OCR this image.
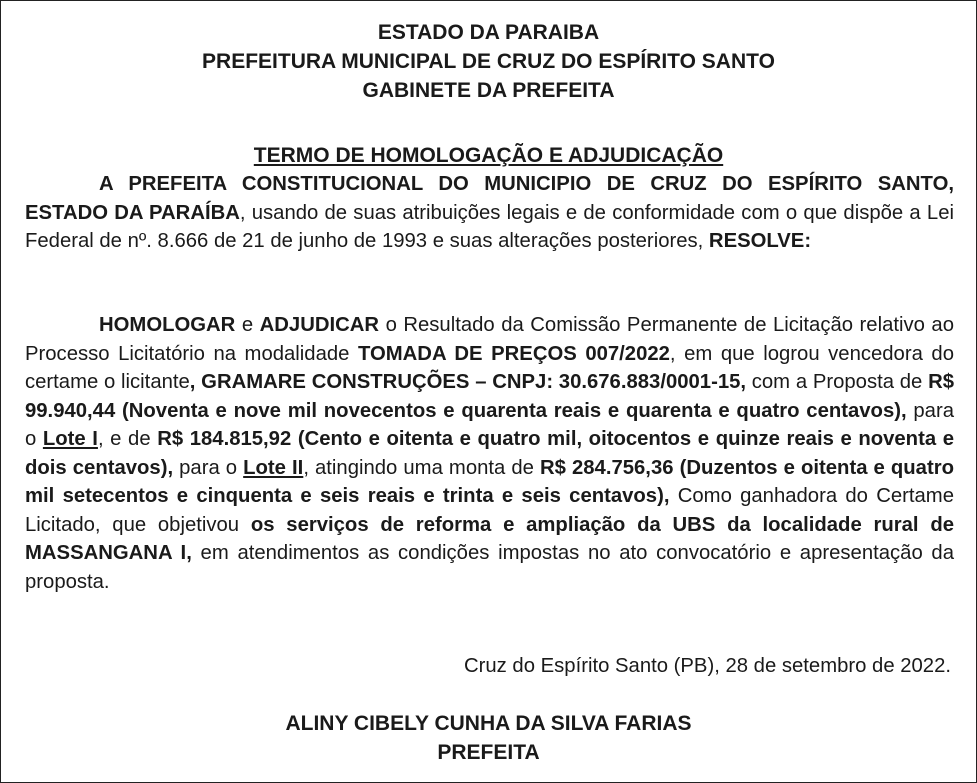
ESTADO DA PARAIBA
PREFEITURA MUNICIPAL DE CRUZ DO ESPÍRITO SANTO
GABINETE DA PREFEITA
TERMO DE HOMOLOGAÇÃO E ADJUDICAÇÃO
A PREFEITA CONSTITUCIONAL DO MUNICIPIO DE CRUZ DO ESPÍRITO SANTO, ESTADO DA PARAÍBA, usando de suas atribuições legais e de conformidade com o que dispõe a Lei Federal de nº. 8.666 de 21 de junho de 1993 e suas alterações posteriores, RESOLVE:
HOMOLOGAR e ADJUDICAR o Resultado da Comissão Permanente de Licitação relativo ao Processo Licitatório na modalidade TOMADA DE PREÇOS 007/2022, em que logrou vencedora do certame o licitante, GRAMARE CONSTRUÇÕES – CNPJ: 30.676.883/0001-15, com a Proposta de R$ 99.940,44 (Noventa e nove mil novecentos e quarenta reais e quarenta e quatro centavos), para o Lote I, e de R$ 184.815,92 (Cento e oitenta e quatro mil, oitocentos e quinze reais e noventa e dois centavos), para o Lote II, atingindo uma monta de R$ 284.756,36 (Duzentos e oitenta e quatro mil setecentos e cinquenta e seis reais e trinta e seis centavos), Como ganhadora do Certame Licitado, que objetivou os serviços de reforma e ampliação da UBS da localidade rural de MASSANGANA I, em atendimentos as condições impostas no ato convocatório e apresentação da proposta.
Cruz do Espírito Santo (PB), 28 de setembro de 2022.
ALINY CIBELY CUNHA DA SILVA FARIAS
PREFEITA
